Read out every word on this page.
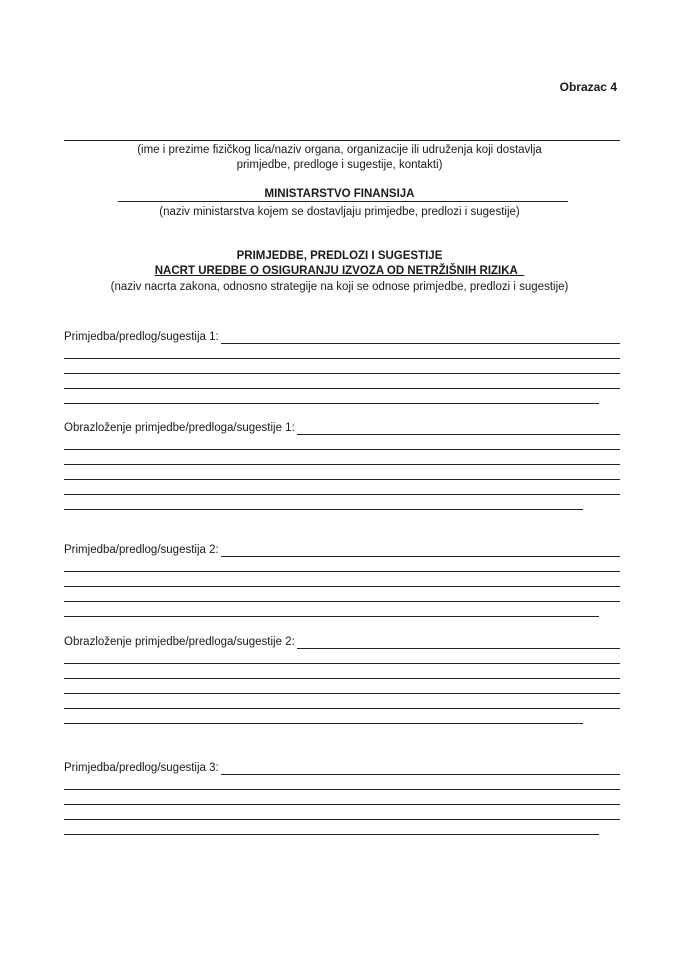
Obrazac 4
(ime i prezime fizičkog lica/naziv organa, organizacije ili udruženja koji dostavlja
primjedbe, predloge i sugestije, kontakti)
MINISTARSTVO FINANSIJA
(naziv ministarstva kojem se dostavljaju primjedbe, predlozi i sugestije)
PRIMJEDBE, PREDLOZI I SUGESTIJE
NACRT UREDBE O OSIGURANJU IZVOZA OD NETRŽIŠNIH RIZIKA
(naziv nacrta zakona, odnosno strategije na koji se odnose primjedbe, predlozi i sugestije)
Primjedba/predlog/sugestija 1:
Obrazloženje primjedbe/predloga/sugestije 1:
Primjedba/predlog/sugestija 2:
Obrazloženje primjedbe/predloga/sugestije 2:
Primjedba/predlog/sugestija 3:
